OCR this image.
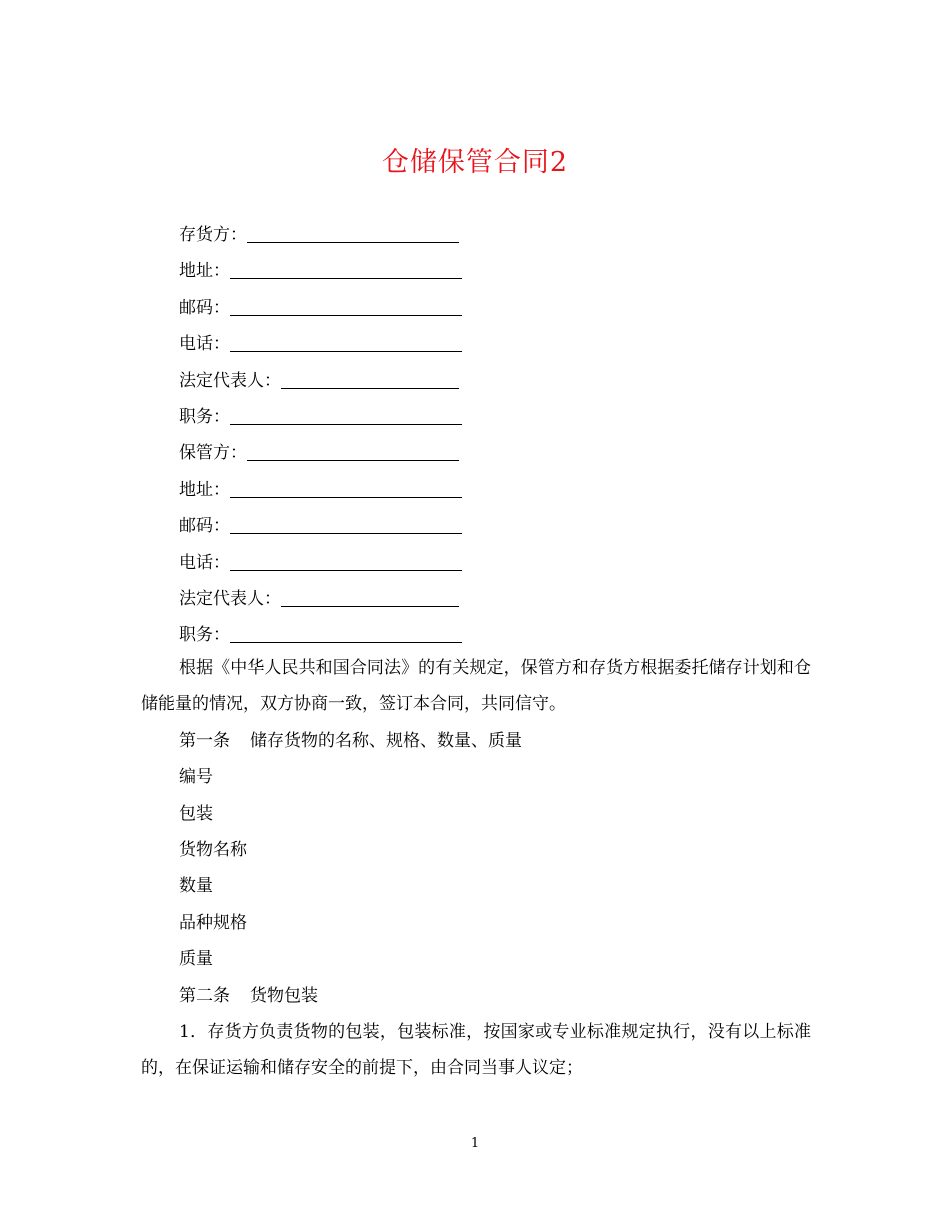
仓储保管合同2
存货方：
地址：
邮码：
电话：
法定代表人：
职务：
保管方：
地址：
邮码：
电话：
法定代表人：
职务：

根据《中华人民共和国合同法》的有关规定，保管方和存货方根据委托储存计划和仓储能量的情况，双方协商一致，签订本合同，共同信守。

第一条 储存货物的名称、规格、数量、质量

编号

包装

货物名称

数量

品种规格

质量

第二条 货物包装

1．存货方负责货物的包装，包装标准，按国家或专业标准规定执行，没有以上标准的，在保证运输和储存安全的前提下，由合同当事人议定；

1
